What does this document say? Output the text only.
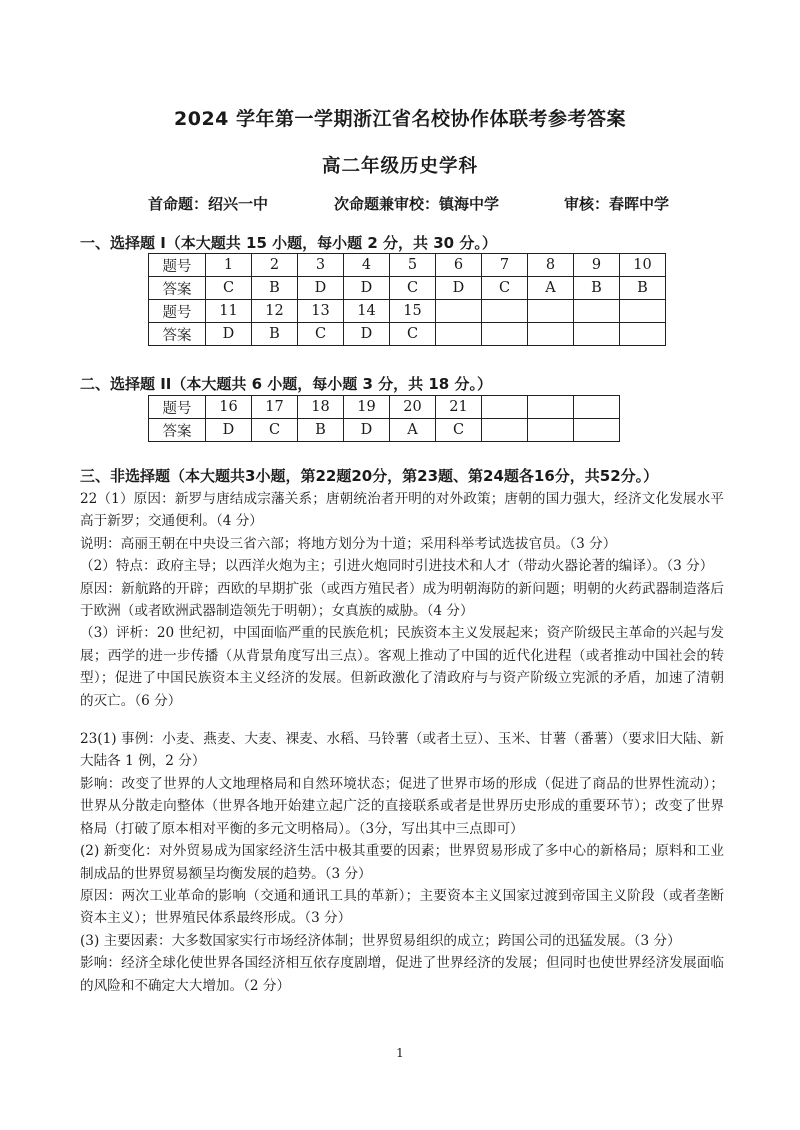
2024 学年第一学期浙江省名校协作体联考参考答案
高二年级历史学科
首命题：绍兴一中	次命题兼审校：镇海中学	审核：春晖中学
一、选择题 I（本大题共 15 小题，每小题 2 分，共 30 分。）
题号	1	2	3	4	5	6	7	8	9	10
答案	C	B	D	D	C	D	C	A	B	B
题号	11	12	13	14	15					
答案	D	B	C	D	C					
二、选择题 II（本大题共 6 小题，每小题 3 分，共 18 分。）
题号	16	17	18	19	20	21			
答案	D	C	B	D	A	C			
三、非选择题（本大题共3小题，第22题20分，第23题、第24题各16分，共52分。）

22（1）原因：新罗与唐结成宗藩关系；唐朝统治者开明的对外政策；唐朝的国力强大，经济文化发展水平高于新罗；交通便利。（4 分）

说明：高丽王朝在中央设三省六部；将地方划分为十道；采用科举考试选拔官员。（3 分）

（2）特点：政府主导；以西洋火炮为主；引进火炮同时引进技术和人才（带动火器论著的编译）。（3 分）

原因：新航路的开辟；西欧的早期扩张（或西方殖民者）成为明朝海防的新问题；明朝的火药武器制造落后于欧洲（或者欧洲武器制造领先于明朝）；女真族的威胁。（4 分）

（3）评析：20 世纪初，中国面临严重的民族危机；民族资本主义发展起来；资产阶级民主革命的兴起与发展；西学的进一步传播（从背景角度写出三点）。客观上推动了中国的近代化进程（或者推动中国社会的转型）；促进了中国民族资本主义经济的发展。但新政激化了清政府与与资产阶级立宪派的矛盾，加速了清朝的灭亡。（6 分）

23(1) 事例：小麦、燕麦、大麦、裸麦、水稻、马铃薯（或者土豆）、玉米、甘薯（番薯）（要求旧大陆、新大陆各 1 例，2 分）

影响：改变了世界的人文地理格局和自然环境状态；促进了世界市场的形成（促进了商品的世界性流动）；世界从分散走向整体（世界各地开始建立起广泛的直接联系或者是世界历史形成的重要环节）；改变了世界格局（打破了原本相对平衡的多元文明格局）。（3分，写出其中三点即可）

(2) 新变化：对外贸易成为国家经济生活中极其重要的因素；世界贸易形成了多中心的新格局；原料和工业制成品的世界贸易额呈均衡发展的趋势。（3 分）

原因：两次工业革命的影响（交通和通讯工具的革新）；主要资本主义国家过渡到帝国主义阶段（或者垄断资本主义）；世界殖民体系最终形成。（3 分）

(3) 主要因素：大多数国家实行市场经济体制；世界贸易组织的成立；跨国公司的迅猛发展。（3 分）

影响：经济全球化使世界各国经济相互依存度剧增，促进了世界经济的发展；但同时也使世界经济发展面临的风险和不确定大大增加。（2 分）

1
